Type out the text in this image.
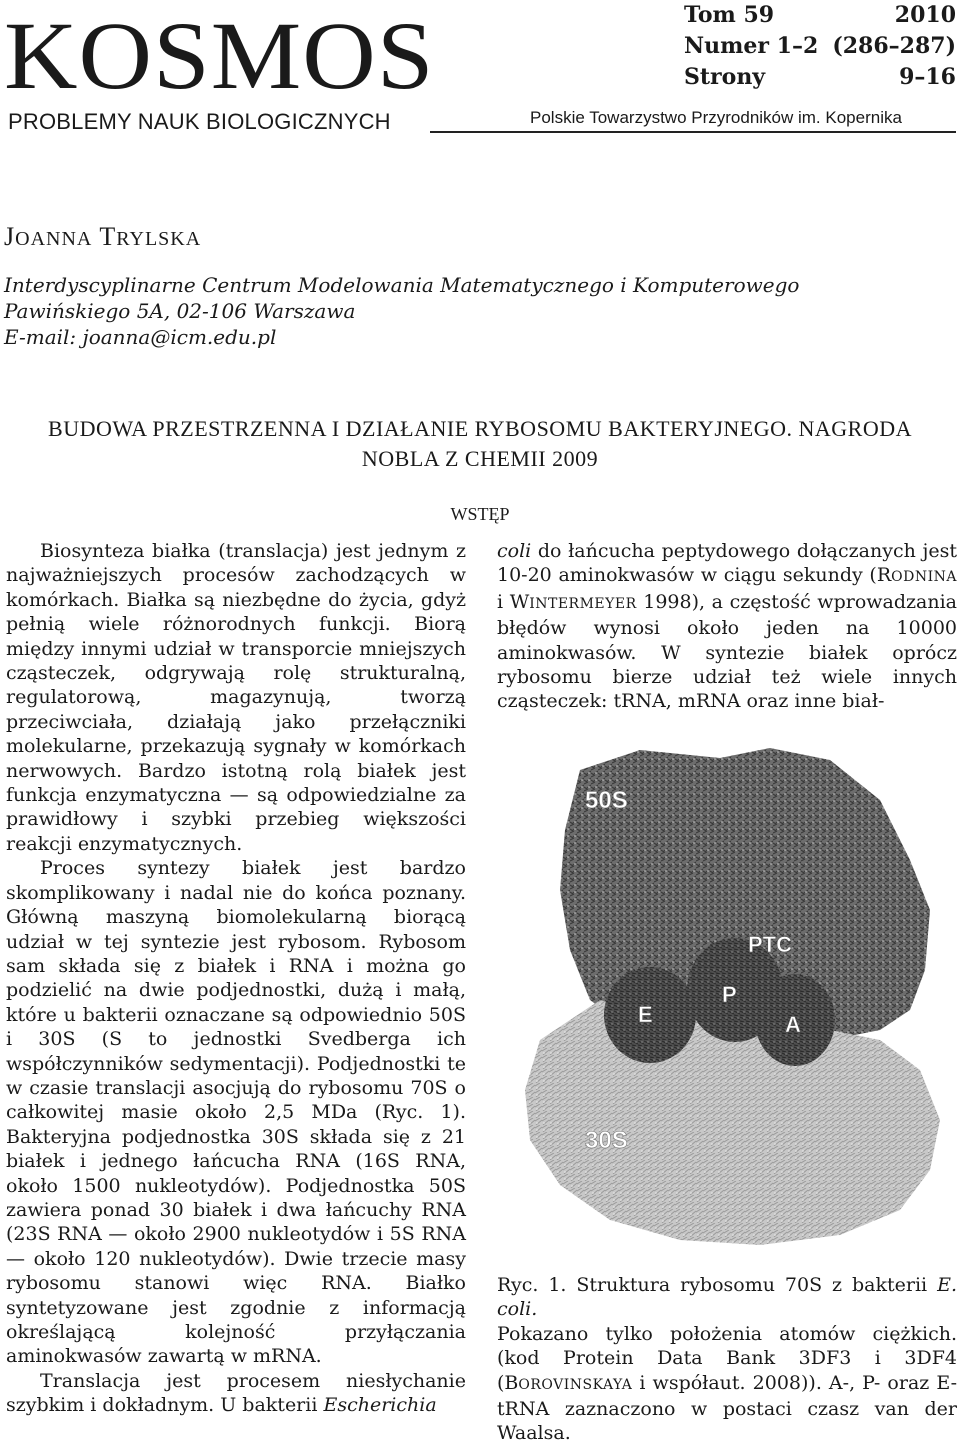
KOSMOS
PROBLEMY NAUK BIOLOGICZNYCH	Polskie Towarzystwo Przyrodników im. Kopernika
Tom 59	2010
Numer 1–2 (286–287)
Strony	9–16
JOANNA TRYLSKA
Interdyscyplinarne Centrum Modelowania Matematycznego i Komputerowego
Pawińskiego 5A, 02-106 Warszawa
E-mail: joanna@icm.edu.pl
BUDOWA PRZESTRZENNA I DZIAŁANIE RYBOSOMU BAKTERYJNEGO. NAGRODA
NOBLA Z CHEMII 2009
WSTĘP

Biosynteza białka (translacja) jest jednym z najważniejszych procesów zachodzących w komórkach. Białka są niezbędne do życia, gdyż pełnią wiele różnorodnych funkcji. Biorą między innymi udział w transporcie mniejszych cząsteczek, odgrywają rolę strukturalną, regulatorową, magazynują, tworzą przeciwciała, działają jako przełączniki molekularne, przekazują sygnały w komórkach nerwowych. Bardzo istotną rolą białek jest funkcja enzymatyczna — są odpowiedzialne za prawidłowy i szybki przebieg większości reakcji enzymatycznych.

Proces syntezy białek jest bardzo skomplikowany i nadal nie do końca poznany. Główną maszyną biomolekularną biorącą udział w tej syntezie jest rybosom. Rybosom sam składa się z białek i RNA i można go podzielić na dwie podjednostki, dużą i małą, które u bakterii oznaczane są odpowiednio 50S i 30S (S to jednostki Svedberga ich współczynników sedymentacji). Podjednostki te w czasie translacji asocjują do rybosomu 70S o całkowitej masie około 2,5 MDa (Ryc. 1). Bakteryjna podjednostka 30S składa się z 21 białek i jednego łańcucha RNA (16S RNA, około 1500 nukleotydów). Podjednostka 50S zawiera ponad 30 białek i dwa łańcuchy RNA (23S RNA — około 2900 nukleotydów i 5S RNA — około 120 nukleotydów). Dwie trzecie masy rybosomu stanowi więc RNA. Białko syntetyzowane jest zgodnie z informacją określającą kolejność przyłączania aminokwasów zawartą w mRNA.

Translacja jest procesem niesłychanie szybkim i dokładnym. U bakterii Escherichia

coli do łańcucha peptydowego dołączanych jest 10-20 aminokwasów w ciągu sekundy (RODNINA i WINTERMEYER 1998), a częstość wprowadzania błędów wynosi około jeden na 10000 aminokwasów. W syntezie białek oprócz rybosomu bierze udział też wiele innych cząsteczek: tRNA, mRNA oraz inne biał-

50S
30S
PTC
E
P
A

Ryc. 1. Struktura rybosomu 70S z bakterii E. coli.

Pokazano tylko położenia atomów ciężkich. (kod Protein Data Bank 3DF3 i 3DF4 (BOROVINSKAYA i współaut. 2008)). A-, P- oraz E-tRNA zaznaczono w postaci czasz van der Waalsa.
